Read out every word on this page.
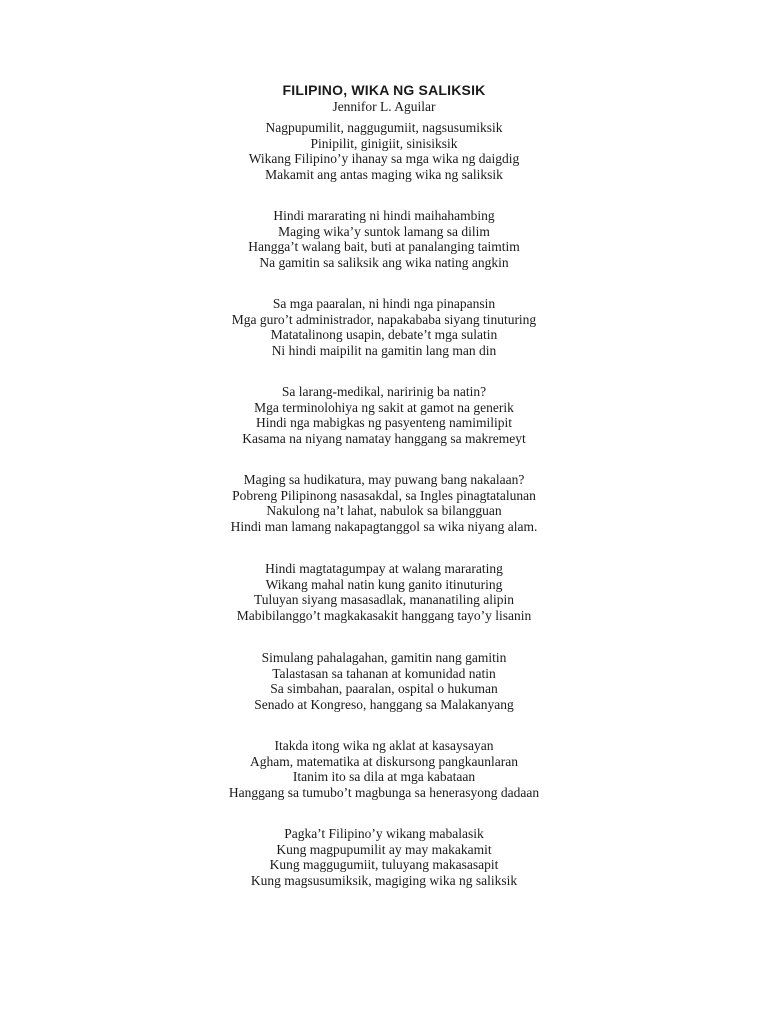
FILIPINO, WIKA NG SALIKSIK
Jennifor L. Aguilar
Nagpupumilit, naggugumiit, nagsusumiksik
Pinipilit, ginigiit, sinisiksik
Wikang Filipino’y ihanay sa mga wika ng daigdig
Makamit ang antas maging wika ng saliksik
Hindi mararating ni hindi maihahambing
Maging wika’y suntok lamang sa dilim
Hangga’t walang bait, buti at panalanging taimtim
Na gamitin sa saliksik ang wika nating angkin
Sa mga paaralan, ni hindi nga pinapansin
Mga guro’t administrador, napakababa siyang tinuturing
Matatalinong usapin, debate’t mga sulatin
Ni hindi maipilit na gamitin lang man din
Sa larang-medikal, naririnig ba natin?
Mga terminolohiya ng sakit at gamot na generik
Hindi nga mabigkas ng pasyenteng namimilipit
Kasama na niyang namatay hanggang sa makremeyt
Maging sa hudikatura, may puwang bang nakalaan?
Pobreng Pilipinong nasasakdal, sa Ingles pinagtatalunan
Nakulong na’t lahat, nabulok sa bilangguan
Hindi man lamang nakapagtanggol sa wika niyang alam.
Hindi magtatagumpay at walang mararating
Wikang mahal natin kung ganito itinuturing
Tuluyan siyang masasadlak, mananatiling alipin
Mabibilanggo’t magkakasakit hanggang tayo’y lisanin
Simulang pahalagahan, gamitin nang gamitin
Talastasan sa tahanan at komunidad natin
Sa simbahan, paaralan, ospital o hukuman
Senado at Kongreso, hanggang sa Malakanyang
Itakda itong wika ng aklat at kasaysayan
Agham, matematika at diskursong pangkaunlaran
Itanim ito sa dila at mga kabataan
Hanggang sa tumubo’t magbunga sa henerasyong dadaan
Pagka’t Filipino’y wikang mabalasik
Kung magpupumilit ay may makakamit
Kung maggugumiit, tuluyang makasasapit
Kung magsusumiksik, magiging wika ng saliksik
